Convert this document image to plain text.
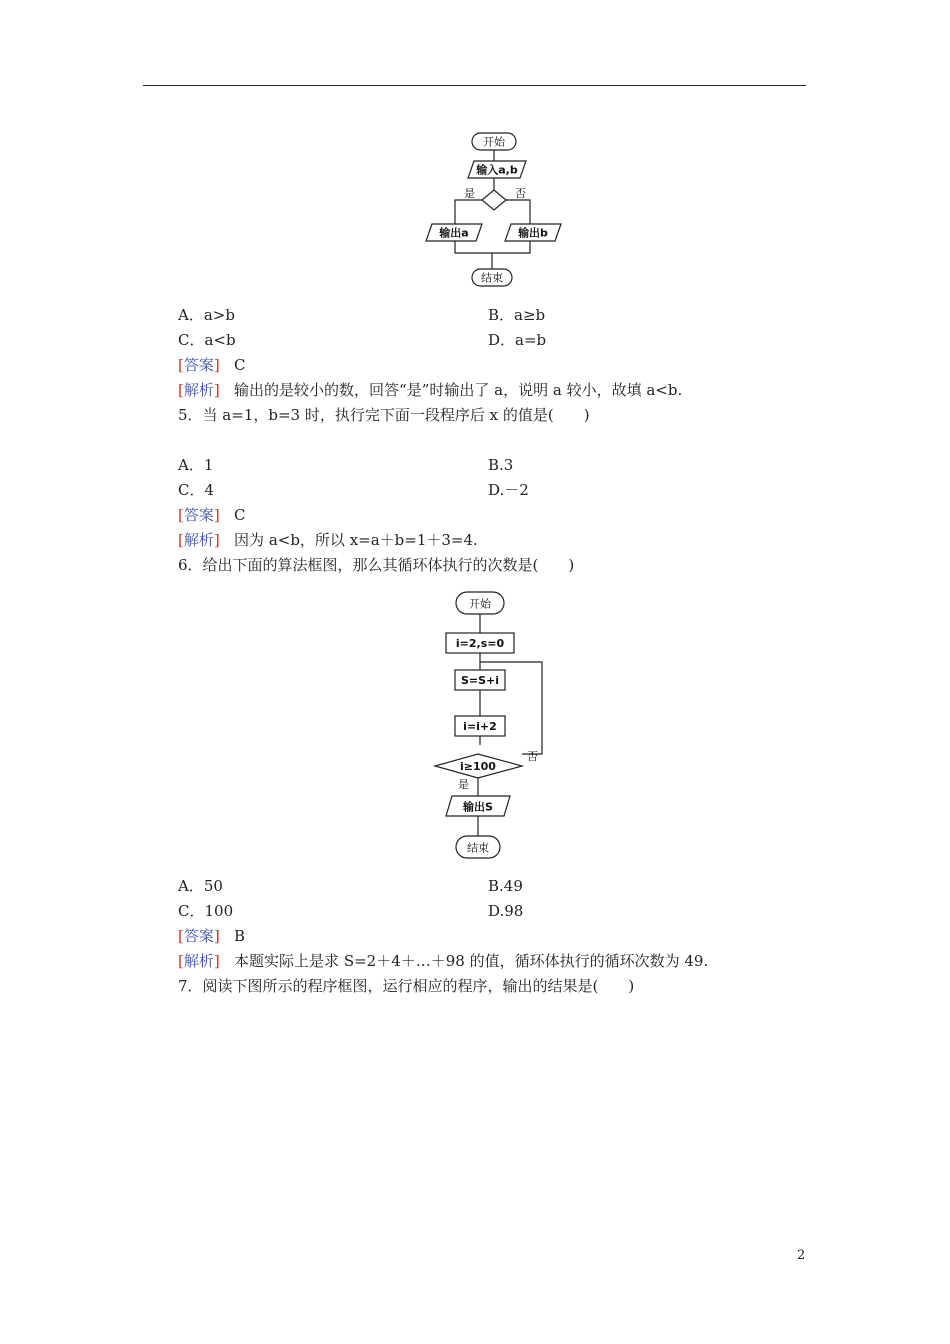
开始
输入a,b
是	否
输出a	输出b
结束
A．a>b	B．a≥b
C．a<b	D．a=b
[答案] C
[解析] 输出的是较小的数，回答“是”时输出了 a，说明 a 较小，故填 a<b.
5．当 a=1，b=3 时，执行完下面一段程序后 x 的值是(　　)
A．1	B.3
C．4	D.－2
[答案] C
[解析] 因为 a<b，所以 x=a＋b=1＋3=4.
6．给出下面的算法框图，那么其循环体执行的次数是(　　)
开始
i=2,s=0
S=S+i
i=i+2
i≥100
否
是
输出S
结束
A．50	B.49
C．100	D.98
[答案] B
[解析] 本题实际上是求 S=2＋4＋…＋98 的值，循环体执行的循环次数为 49.
7．阅读下图所示的程序框图，运行相应的程序，输出的结果是(　　)
2
